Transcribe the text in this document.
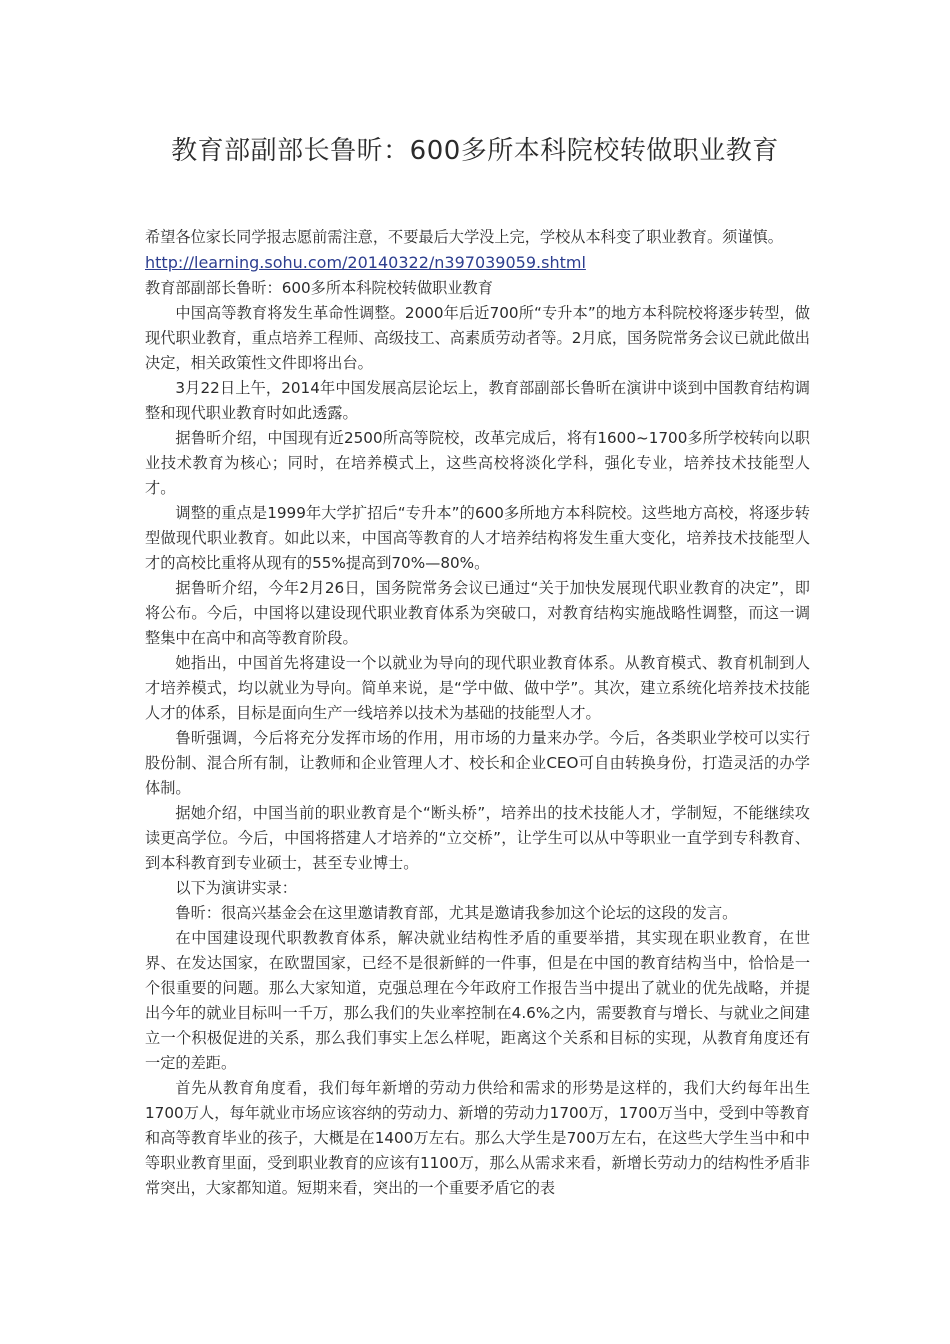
教育部副部长鲁昕：600多所本科院校转做职业教育

希望各位家长同学报志愿前需注意，不要最后大学没上完，学校从本科变了职业教育。须谨慎。

http://learning.sohu.com/20140322/n397039059.shtml

教育部副部长鲁昕：600多所本科院校转做职业教育

中国高等教育将发生革命性调整。2000年后近700所“专升本”的地方本科院校将逐步转型，做现代职业教育，重点培养工程师、高级技工、高素质劳动者等。2月底，国务院常务会议已就此做出决定，相关政策性文件即将出台。

3月22日上午，2014年中国发展高层论坛上，教育部副部长鲁昕在演讲中谈到中国教育结构调整和现代职业教育时如此透露。

据鲁昕介绍，中国现有近2500所高等院校，改革完成后，将有1600~1700多所学校转向以职业技术教育为核心；同时，在培养模式上，这些高校将淡化学科，强化专业，培养技术技能型人才。

调整的重点是1999年大学扩招后“专升本”的600多所地方本科院校。这些地方高校，将逐步转型做现代职业教育。如此以来，中国高等教育的人才培养结构将发生重大变化，培养技术技能型人才的高校比重将从现有的55%提高到70%—80%。

据鲁昕介绍，今年2月26日，国务院常务会议已通过“关于加快发展现代职业教育的决定”，即将公布。今后，中国将以建设现代职业教育体系为突破口，对教育结构实施战略性调整，而这一调整集中在高中和高等教育阶段。

她指出，中国首先将建设一个以就业为导向的现代职业教育体系。从教育模式、教育机制到人才培养模式，均以就业为导向。简单来说，是“学中做、做中学”。其次，建立系统化培养技术技能人才的体系，目标是面向生产一线培养以技术为基础的技能型人才。

鲁昕强调，今后将充分发挥市场的作用，用市场的力量来办学。今后，各类职业学校可以实行股份制、混合所有制，让教师和企业管理人才、校长和企业CEO可自由转换身份，打造灵活的办学体制。

据她介绍，中国当前的职业教育是个“断头桥”，培养出的技术技能人才，学制短，不能继续攻读更高学位。今后，中国将搭建人才培养的“立交桥”，让学生可以从中等职业一直学到专科教育、到本科教育到专业硕士，甚至专业博士。

以下为演讲实录：

鲁昕：很高兴基金会在这里邀请教育部，尤其是邀请我参加这个论坛的这段的发言。

在中国建设现代职教教育体系，解决就业结构性矛盾的重要举措，其实现在职业教育，在世界、在发达国家，在欧盟国家，已经不是很新鲜的一件事，但是在中国的教育结构当中，恰恰是一个很重要的问题。那么大家知道，克强总理在今年政府工作报告当中提出了就业的优先战略，并提出今年的就业目标叫一千万，那么我们的失业率控制在4.6%之内，需要教育与增长、与就业之间建立一个积极促进的关系，那么我们事实上怎么样呢，距离这个关系和目标的实现，从教育角度还有一定的差距。

首先从教育角度看，我们每年新增的劳动力供给和需求的形势是这样的，我们大约每年出生1700万人，每年就业市场应该容纳的劳动力、新增的劳动力1700万，1700万当中，受到中等教育和高等教育毕业的孩子，大概是在1400万左右。那么大学生是700万左右，在这些大学生当中和中等职业教育里面，受到职业教育的应该有1100万，那么从需求来看，新增长劳动力的结构性矛盾非常突出，大家都知道。短期来看，突出的一个重要矛盾它的表
